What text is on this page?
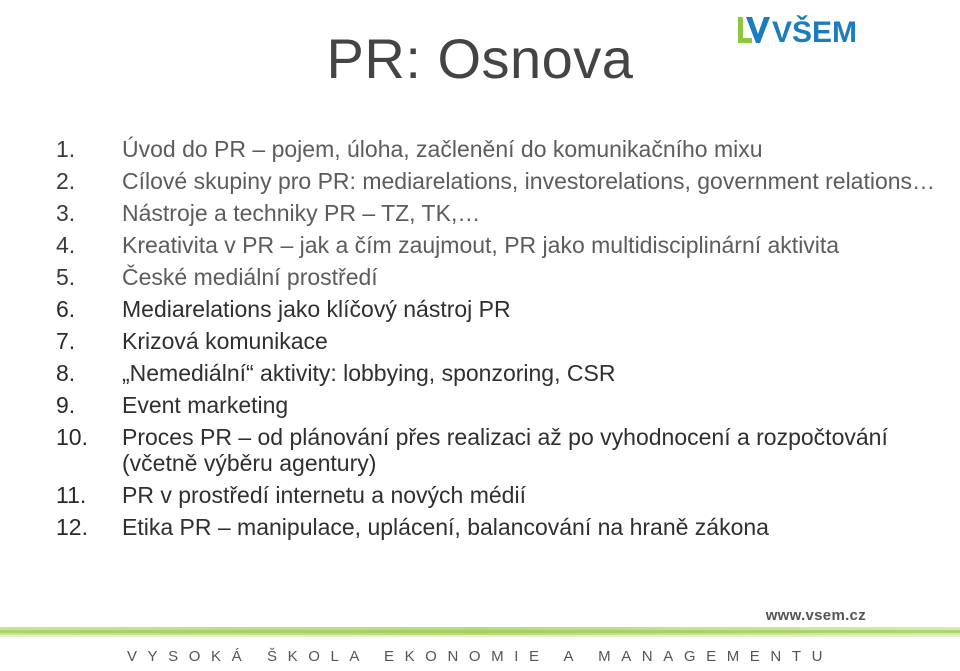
PR: Osnova	VŠEM
1.	Úvod do PR – pojem, úloha, začlenění do komunikačního mixu
2.	Cílové skupiny pro PR: mediarelations, investorelations, government relations…
3.	Nástroje a techniky PR – TZ, TK,…
4.	Kreativita v PR – jak a čím zaujmout, PR jako multidisciplinární aktivita
5.	České mediální prostředí
6.	Mediarelations jako klíčový nástroj PR
7.	Krizová komunikace
8.	„Nemediální“ aktivity: lobbying, sponzoring, CSR
9.	Event marketing
10.	Proces PR – od plánování přes realizaci až po vyhodnocení a rozpočtování (včetně výběru agentury)
11.	PR v prostředí internetu a nových médií
12.	Etika PR – manipulace, uplácení, balancování na hraně zákona
www.vsem.cz
VYSOKÁ ŠKOLA EKONOMIE A MANAGEMENTU
